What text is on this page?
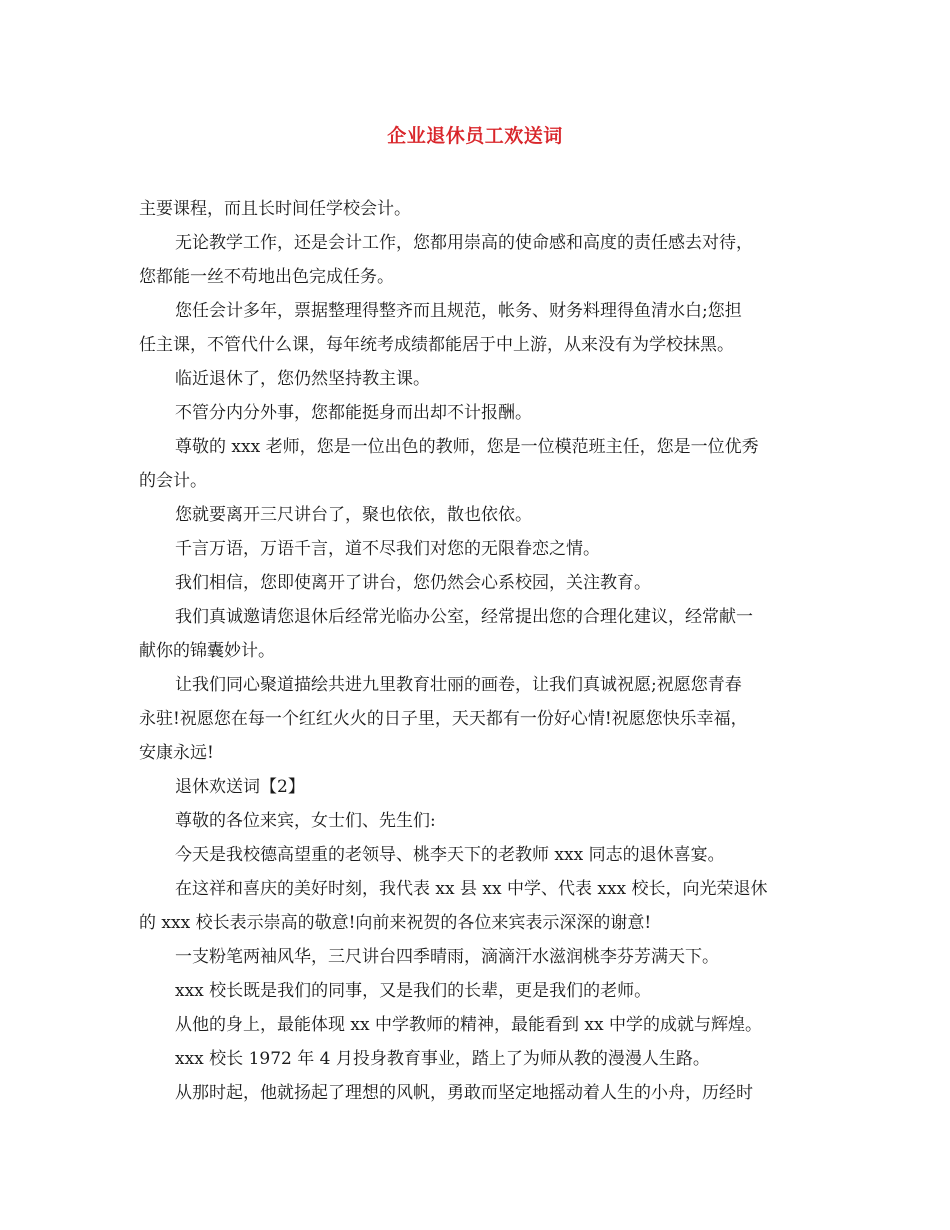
企业退休员工欢送词

主要课程，而且长时间任学校会计。

无论教学工作，还是会计工作，您都用崇高的使命感和高度的责任感去对待，

您都能一丝不苟地出色完成任务。

您任会计多年，票据整理得整齐而且规范，帐务、财务料理得鱼清水白;您担

任主课，不管代什么课，每年统考成绩都能居于中上游，从来没有为学校抹黑。

临近退休了，您仍然坚持教主课。

不管分内分外事，您都能挺身而出却不计报酬。

尊敬的 xxx 老师，您是一位出色的教师，您是一位模范班主任，您是一位优秀

的会计。

您就要离开三尺讲台了，聚也依依，散也依依。

千言万语，万语千言，道不尽我们对您的无限眷恋之情。

我们相信，您即使离开了讲台，您仍然会心系校园，关注教育。

我们真诚邀请您退休后经常光临办公室，经常提出您的合理化建议，经常献一

献你的锦囊妙计。

让我们同心聚道描绘共进九里教育壮丽的画卷，让我们真诚祝愿;祝愿您青春

永驻!祝愿您在每一个红红火火的日子里，天天都有一份好心情!祝愿您快乐幸福，

安康永远!

退休欢送词【2】

尊敬的各位来宾，女士们、先生们:

今天是我校德高望重的老领导、桃李天下的老教师 xxx 同志的退休喜宴。

在这祥和喜庆的美好时刻，我代表 xx 县 xx 中学、代表 xxx 校长，向光荣退休

的 xxx 校长表示崇高的敬意!向前来祝贺的各位来宾表示深深的谢意!

一支粉笔两袖风华，三尺讲台四季晴雨，滴滴汗水滋润桃李芬芳满天下。

xxx 校长既是我们的同事，又是我们的长辈，更是我们的老师。

从他的身上，最能体现 xx 中学教师的精神，最能看到 xx 中学的成就与辉煌。

xxx 校长 1972 年 4 月投身教育事业，踏上了为师从教的漫漫人生路。

从那时起，他就扬起了理想的风帆，勇敢而坚定地摇动着人生的小舟，历经时
